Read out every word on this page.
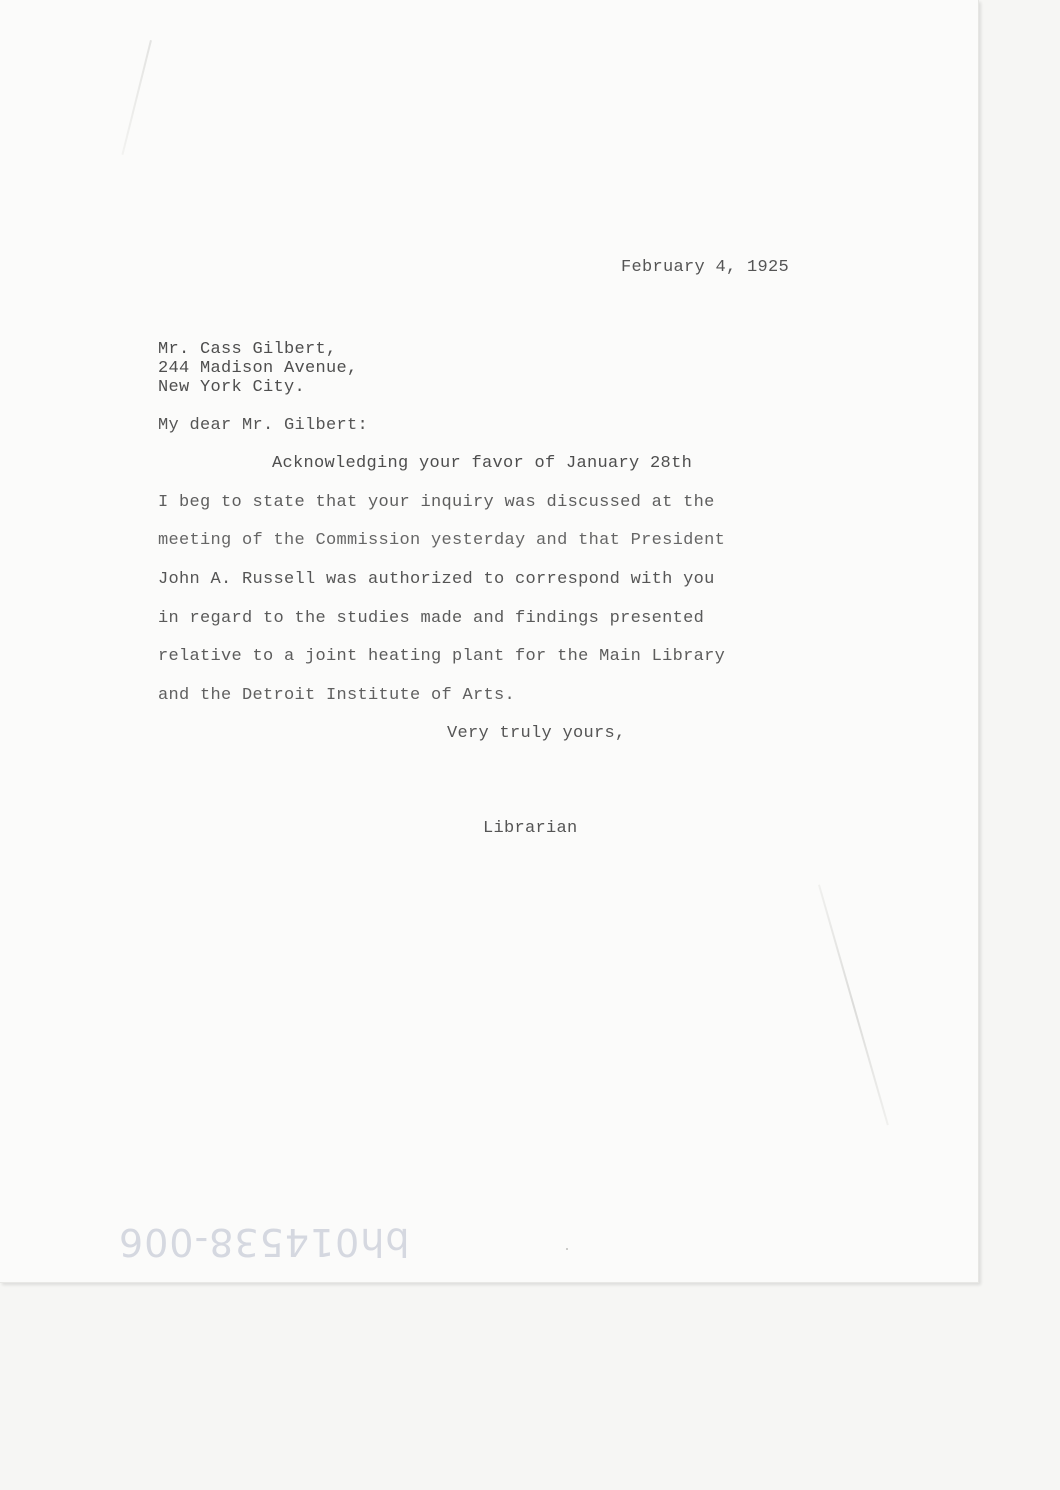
February 4, 1925

Mr. Cass Gilbert,

244 Madison Avenue,

New York City.

My dear Mr. Gilbert:

Acknowledging your favor of January 28th

I beg to state that your inquiry was discussed at the

meeting of the Commission yesterday and that President

John A. Russell was authorized to correspond with you

in regard to the studies made and findings presented

relative to a joint heating plant for the Main Library

and the Detroit Institute of Arts.

Very truly yours,

Librarian

bh014538-006
